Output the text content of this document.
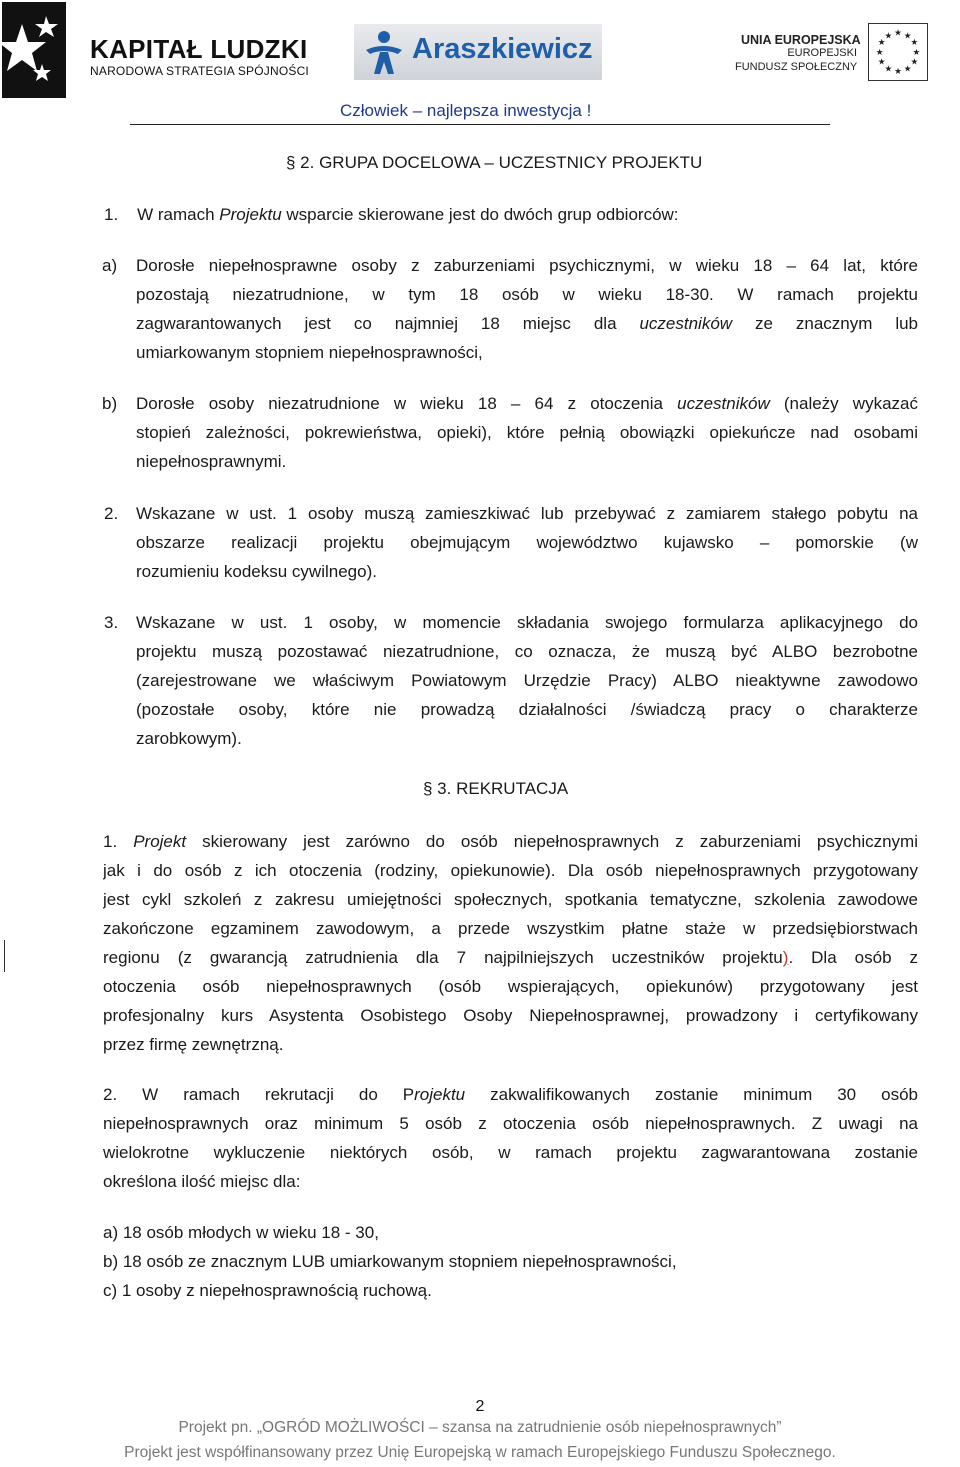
KAPITAŁ LUDZKI
NARODOWA STRATEGIA SPÓJNOŚCI
Araszkiewicz	UNIA EUROPEJSKA
EUROPEJSKI
FUNDUSZ SPOŁECZNY
★ ★
★
★
★
★
★
★
★
★
★
★
Człowiek – najlepsza inwestycja !
§ 2. GRUPA DOCELOWA – UCZESTNICY PROJEKTU
1. W ramach Projektu wsparcie skierowane jest do dwóch grup odbiorców:
a) Dorosłe niepełnosprawne osoby z zaburzeniami psychicznymi, w wieku 18 – 64 lat, które
pozostają niezatrudnione, w tym 18 osób w wieku 18-30. W ramach projektu
zagwarantowanych jest co najmniej 18 miejsc dla uczestników ze znacznym lub
umiarkowanym stopniem niepełnosprawności,
b) Dorosłe osoby niezatrudnione w wieku 18 – 64 z otoczenia uczestników (należy wykazać
stopień zależności, pokrewieństwa, opieki), które pełnią obowiązki opiekuńcze nad osobami
niepełnosprawnymi.
2. Wskazane w ust. 1 osoby muszą zamieszkiwać lub przebywać z zamiarem stałego pobytu na
obszarze realizacji projektu obejmującym województwo kujawsko – pomorskie (w
rozumieniu kodeksu cywilnego).
3. Wskazane w ust. 1 osoby, w momencie składania swojego formularza aplikacyjnego do
projektu muszą pozostawać niezatrudnione, co oznacza, że muszą być ALBO bezrobotne
(zarejestrowane we właściwym Powiatowym Urzędzie Pracy) ALBO nieaktywne zawodowo
(pozostałe osoby, które nie prowadzą działalności /świadczą pracy o charakterze
zarobkowym).
§ 3. REKRUTACJA
1. Projekt skierowany jest zarówno do osób niepełnosprawnych z zaburzeniami psychicznymi
jak i do osób z ich otoczenia (rodziny, opiekunowie). Dla osób niepełnosprawnych przygotowany
jest cykl szkoleń z zakresu umiejętności społecznych, spotkania tematyczne, szkolenia zawodowe
zakończone egzaminem zawodowym, a przede wszystkim płatne staże w przedsiębiorstwach
regionu (z gwarancją zatrudnienia dla 7 najpilniejszych uczestników projektu). Dla osób z
otoczenia osób niepełnosprawnych (osób wspierających, opiekunów) przygotowany jest
profesjonalny kurs Asystenta Osobistego Osoby Niepełnosprawnej, prowadzony i certyfikowany
przez firmę zewnętrzną.
2. W ramach rekrutacji do Projektu zakwalifikowanych zostanie minimum 30 osób
niepełnosprawnych oraz minimum 5 osób z otoczenia osób niepełnosprawnych. Z uwagi na
wielokrotne wykluczenie niektórych osób, w ramach projektu zagwarantowana zostanie
określona ilość miejsc dla:
a) 18 osób młodych w wieku 18 - 30,
b) 18 osób ze znacznym LUB umiarkowanym stopniem niepełnosprawności,
c) 1 osoby z niepełnosprawnością ruchową.
2
Projekt pn. „OGRÓD MOŻLIWOŚCI – szansa na zatrudnienie osób niepełnosprawnych”
Projekt jest współfinansowany przez Unię Europejską w ramach Europejskiego Funduszu Społecznego.
